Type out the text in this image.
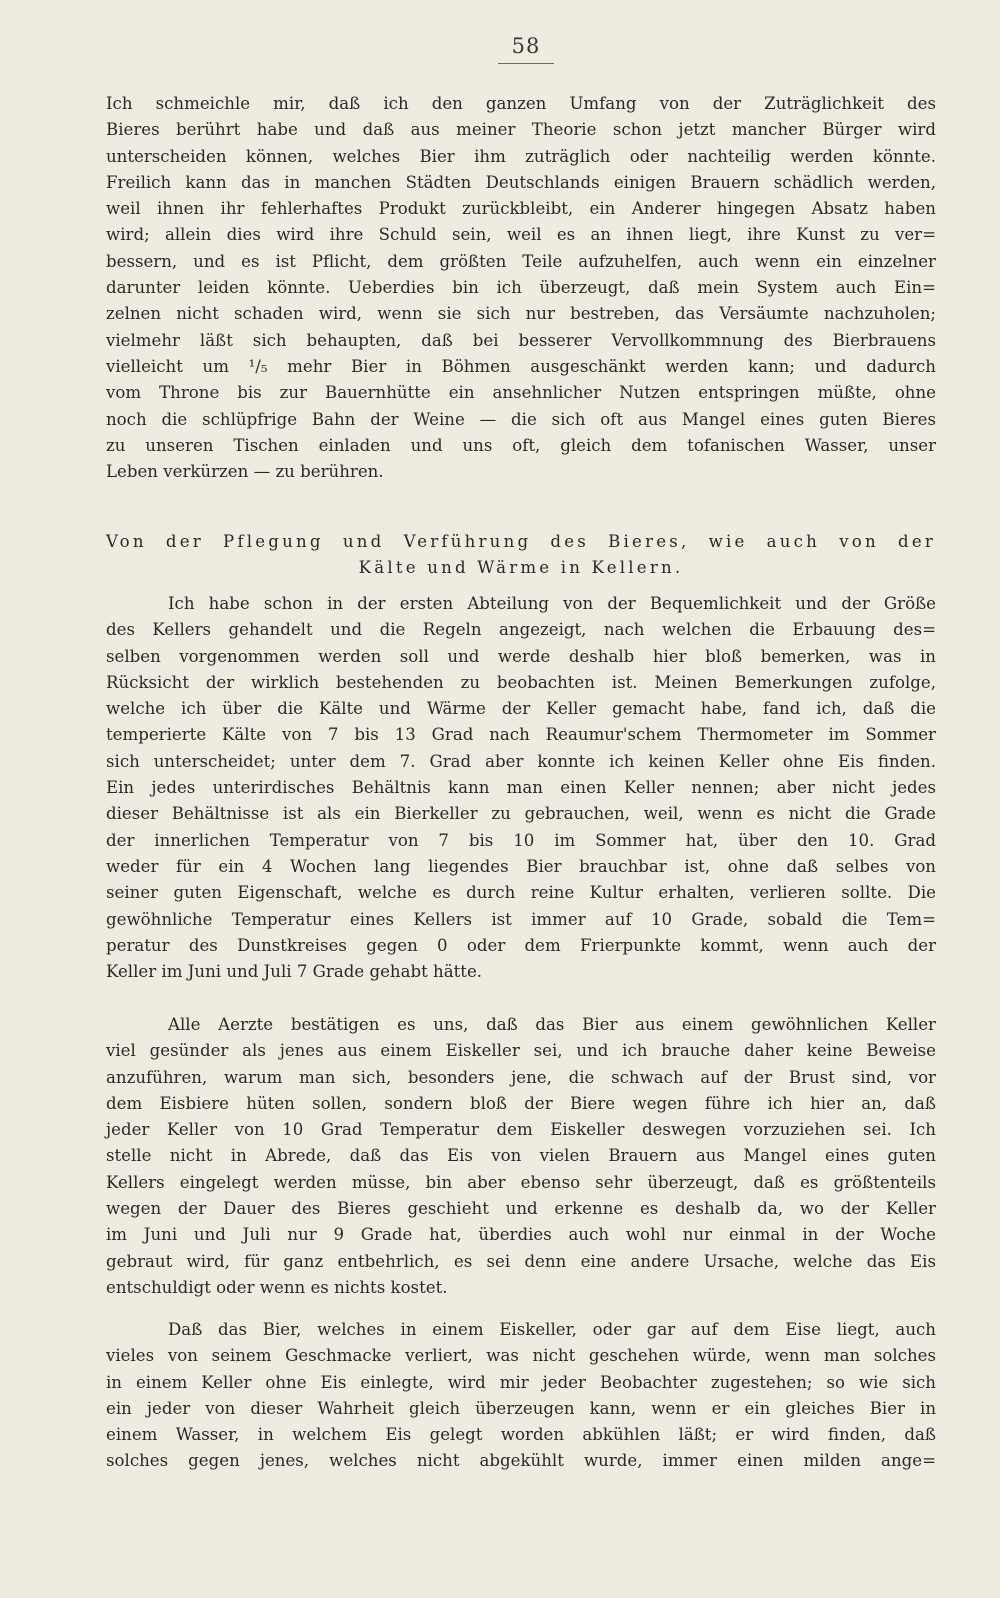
58
Ich schmeichle mir, daß ich den ganzen Umfang von der Zuträglichkeit des
Bieres berührt habe und daß aus meiner Theorie schon jetzt mancher Bürger wird
unterscheiden können, welches Bier ihm zuträglich oder nachteilig werden könnte.
Freilich kann das in manchen Städten Deutschlands einigen Brauern schädlich werden,
weil ihnen ihr fehlerhaftes Produkt zurückbleibt, ein Anderer hingegen Absatz haben
wird; allein dies wird ihre Schuld sein, weil es an ihnen liegt, ihre Kunst zu ver=
bessern, und es ist Pflicht, dem größten Teile aufzuhelfen, auch wenn ein einzelner
darunter leiden könnte. Ueberdies bin ich überzeugt, daß mein System auch Ein=
zelnen nicht schaden wird, wenn sie sich nur bestreben, das Versäumte nachzuholen;
vielmehr läßt sich behaupten, daß bei besserer Vervollkommnung des Bierbrauens
vielleicht um ¹/₅ mehr Bier in Böhmen ausgeschänkt werden kann; und dadurch
vom Throne bis zur Bauernhütte ein ansehnlicher Nutzen entspringen müßte, ohne
noch die schlüpfrige Bahn der Weine — die sich oft aus Mangel eines guten Bieres
zu unseren Tischen einladen und uns oft, gleich dem tofanischen Wasser, unser
Leben verkürzen — zu berühren.
Von der Pflegung und Verführung des Bieres, wie auch von der
Kälte und Wärme in Kellern.
Ich habe schon in der ersten Abteilung von der Bequemlichkeit und der Größe
des Kellers gehandelt und die Regeln angezeigt, nach welchen die Erbauung des=
selben vorgenommen werden soll und werde deshalb hier bloß bemerken, was in
Rücksicht der wirklich bestehenden zu beobachten ist. Meinen Bemerkungen zufolge,
welche ich über die Kälte und Wärme der Keller gemacht habe, fand ich, daß die
temperierte Kälte von 7 bis 13 Grad nach Reaumur'schem Thermometer im Sommer
sich unterscheidet; unter dem 7. Grad aber konnte ich keinen Keller ohne Eis finden.
Ein jedes unterirdisches Behältnis kann man einen Keller nennen; aber nicht jedes
dieser Behältnisse ist als ein Bierkeller zu gebrauchen, weil, wenn es nicht die Grade
der innerlichen Temperatur von 7 bis 10 im Sommer hat, über den 10. Grad
weder für ein 4 Wochen lang liegendes Bier brauchbar ist, ohne daß selbes von
seiner guten Eigenschaft, welche es durch reine Kultur erhalten, verlieren sollte. Die
gewöhnliche Temperatur eines Kellers ist immer auf 10 Grade, sobald die Tem=
peratur des Dunstkreises gegen 0 oder dem Frierpunkte kommt, wenn auch der
Keller im Juni und Juli 7 Grade gehabt hätte.
Alle Aerzte bestätigen es uns, daß das Bier aus einem gewöhnlichen Keller
viel gesünder als jenes aus einem Eiskeller sei, und ich brauche daher keine Beweise
anzuführen, warum man sich, besonders jene, die schwach auf der Brust sind, vor
dem Eisbiere hüten sollen, sondern bloß der Biere wegen führe ich hier an, daß
jeder Keller von 10 Grad Temperatur dem Eiskeller deswegen vorzuziehen sei. Ich
stelle nicht in Abrede, daß das Eis von vielen Brauern aus Mangel eines guten
Kellers eingelegt werden müsse, bin aber ebenso sehr überzeugt, daß es größtenteils
wegen der Dauer des Bieres geschieht und erkenne es deshalb da, wo der Keller
im Juni und Juli nur 9 Grade hat, überdies auch wohl nur einmal in der Woche
gebraut wird, für ganz entbehrlich, es sei denn eine andere Ursache, welche das Eis
entschuldigt oder wenn es nichts kostet.
Daß das Bier, welches in einem Eiskeller, oder gar auf dem Eise liegt, auch
vieles von seinem Geschmacke verliert, was nicht geschehen würde, wenn man solches
in einem Keller ohne Eis einlegte, wird mir jeder Beobachter zugestehen; so wie sich
ein jeder von dieser Wahrheit gleich überzeugen kann, wenn er ein gleiches Bier in
einem Wasser, in welchem Eis gelegt worden abkühlen läßt; er wird finden, daß
solches gegen jenes, welches nicht abgekühlt wurde, immer einen milden ange=
